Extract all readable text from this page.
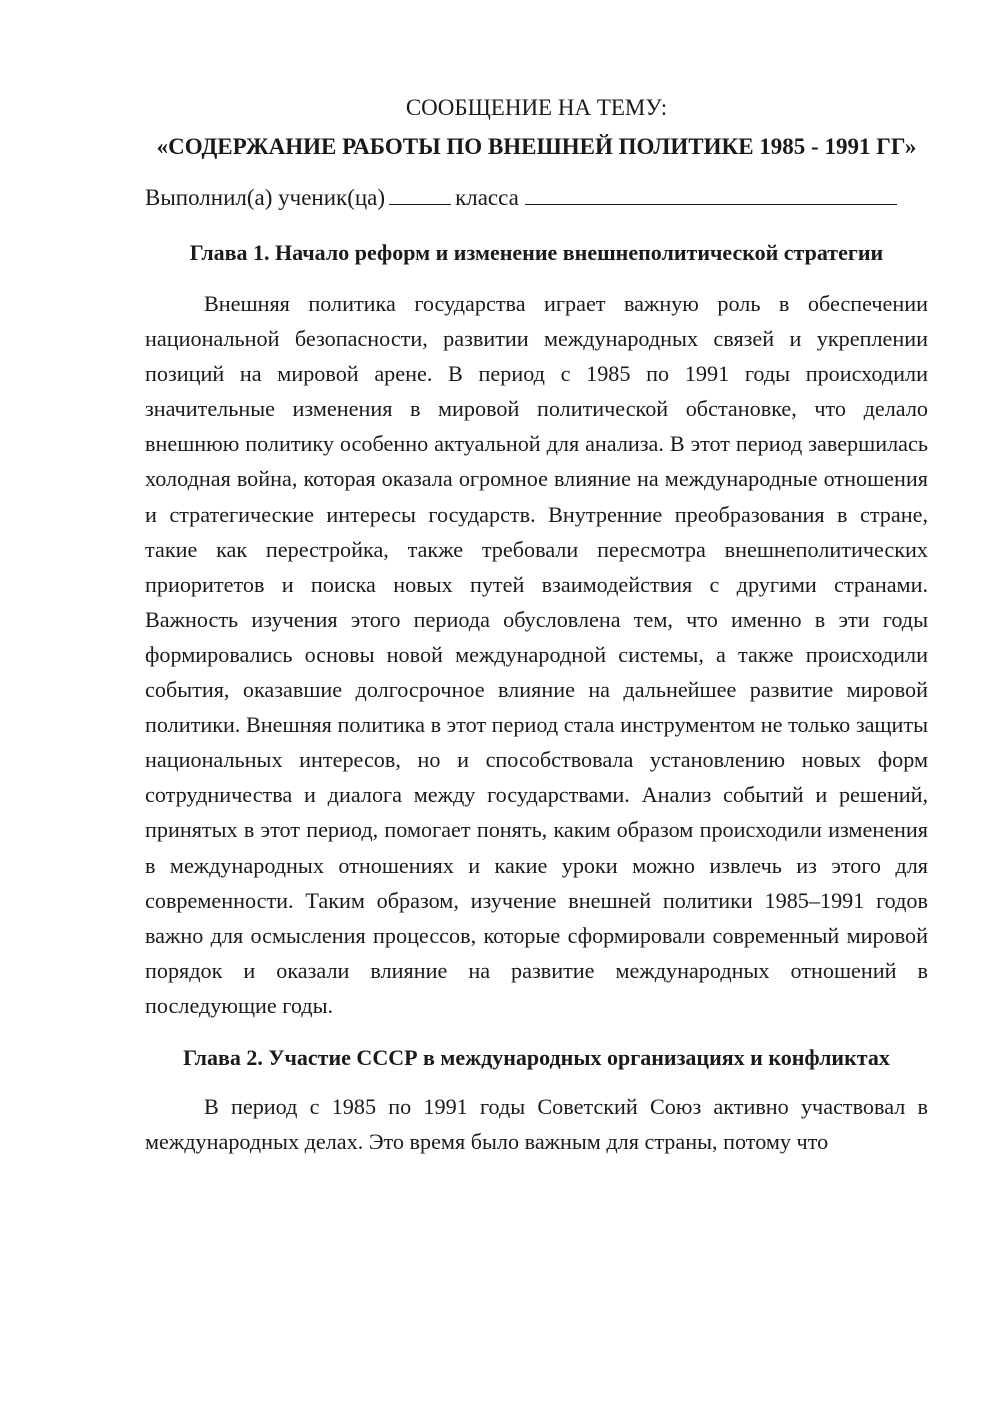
СООБЩЕНИЕ НА ТЕМУ:

«СОДЕРЖАНИЕ РАБОТЫ ПО ВНЕШНЕЙ ПОЛИТИКЕ 1985 - 1991 ГГ»

Выполнил(а) ученик(ца)	класса

Глава 1. Начало реформ и изменение внешнеполитической стратегии

Внешняя политика государства играет важную роль в обеспечении национальной безопасности, развитии международных связей и укреплении позиций на мировой арене. В период с 1985 по 1991 годы происходили значительные изменения в мировой политической обстановке, что делало внешнюю политику особенно актуальной для анализа. В этот период завершилась холодная война, которая оказала огромное влияние на международные отношения и стратегические интересы государств. Внутренние преобразования в стране, такие как перестройка, также требовали пересмотра внешнеполитических приоритетов и поиска новых путей взаимодействия с другими странами. Важность изучения этого периода обусловлена тем, что именно в эти годы формировались основы новой международной системы, а также происходили события, оказавшие долгосрочное влияние на дальнейшее развитие мировой политики. Внешняя политика в этот период стала инструментом не только защиты национальных интересов, но и способствовала установлению новых форм сотрудничества и диалога между государствами. Анализ событий и решений, принятых в этот период, помогает понять, каким образом происходили изменения в международных отношениях и какие уроки можно извлечь из этого для современности. Таким образом, изучение внешней политики 1985–1991 годов важно для осмысления процессов, которые сформировали современный мировой порядок и оказали влияние на развитие международных отношений в последующие годы.

Глава 2. Участие СССР в международных организациях и конфликтах

В период с 1985 по 1991 годы Советский Союз активно участвовал в международных делах. Это время было важным для страны, потому что
